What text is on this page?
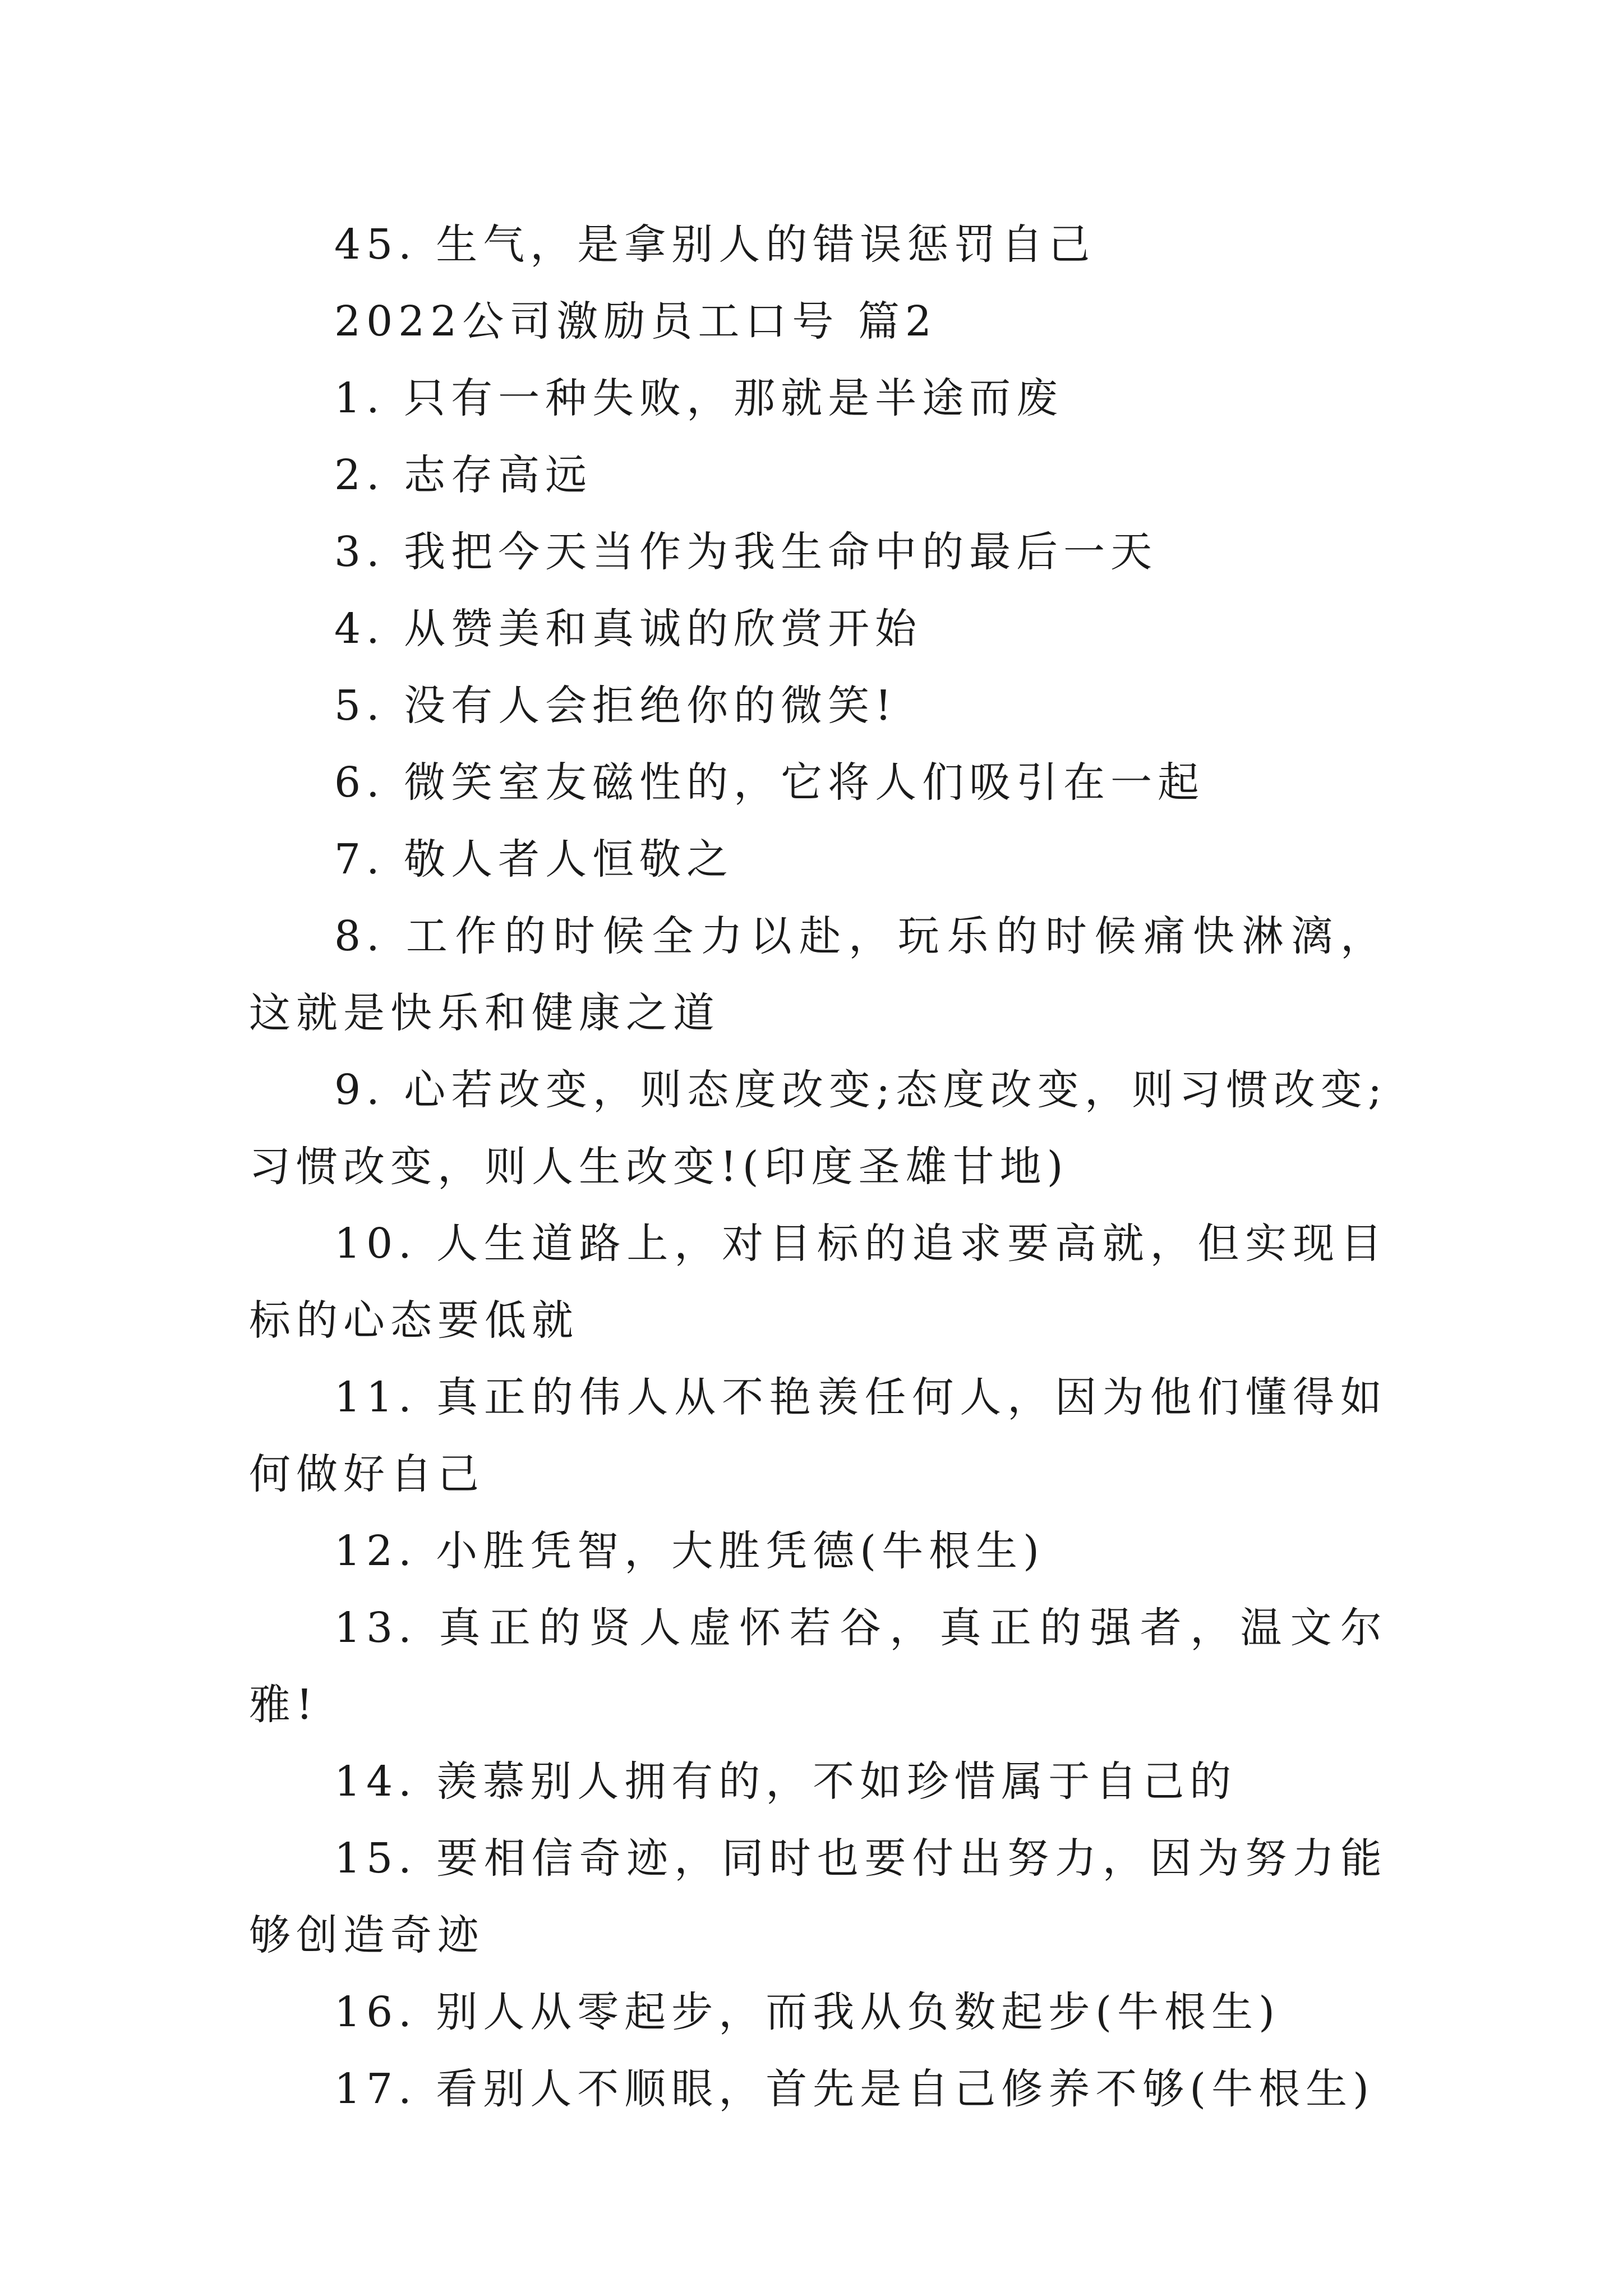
45. 生气，是拿别人的错误惩罚自己

2022公司激励员工口号 篇2

1. 只有一种失败，那就是半途而废

2. 志存高远

3. 我把今天当作为我生命中的最后一天

4. 从赞美和真诚的欣赏开始

5. 没有人会拒绝你的微笑!

6. 微笑室友磁性的，它将人们吸引在一起

7. 敬人者人恒敬之

8. 工作的时候全力以赴，玩乐的时候痛快淋漓，这就是快乐和健康之道

9. 心若改变，则态度改变;态度改变，则习惯改变;习惯改变，则人生改变!(印度圣雄甘地)

10. 人生道路上，对目标的追求要高就，但实现目标的心态要低就

11. 真正的伟人从不艳羡任何人，因为他们懂得如何做好自己

12. 小胜凭智，大胜凭德(牛根生)

13. 真正的贤人虚怀若谷，真正的强者，温文尔雅!

14. 羡慕别人拥有的，不如珍惜属于自己的

15. 要相信奇迹，同时也要付出努力，因为努力能够创造奇迹

16. 别人从零起步，而我从负数起步(牛根生)

17. 看别人不顺眼，首先是自己修养不够(牛根生)
